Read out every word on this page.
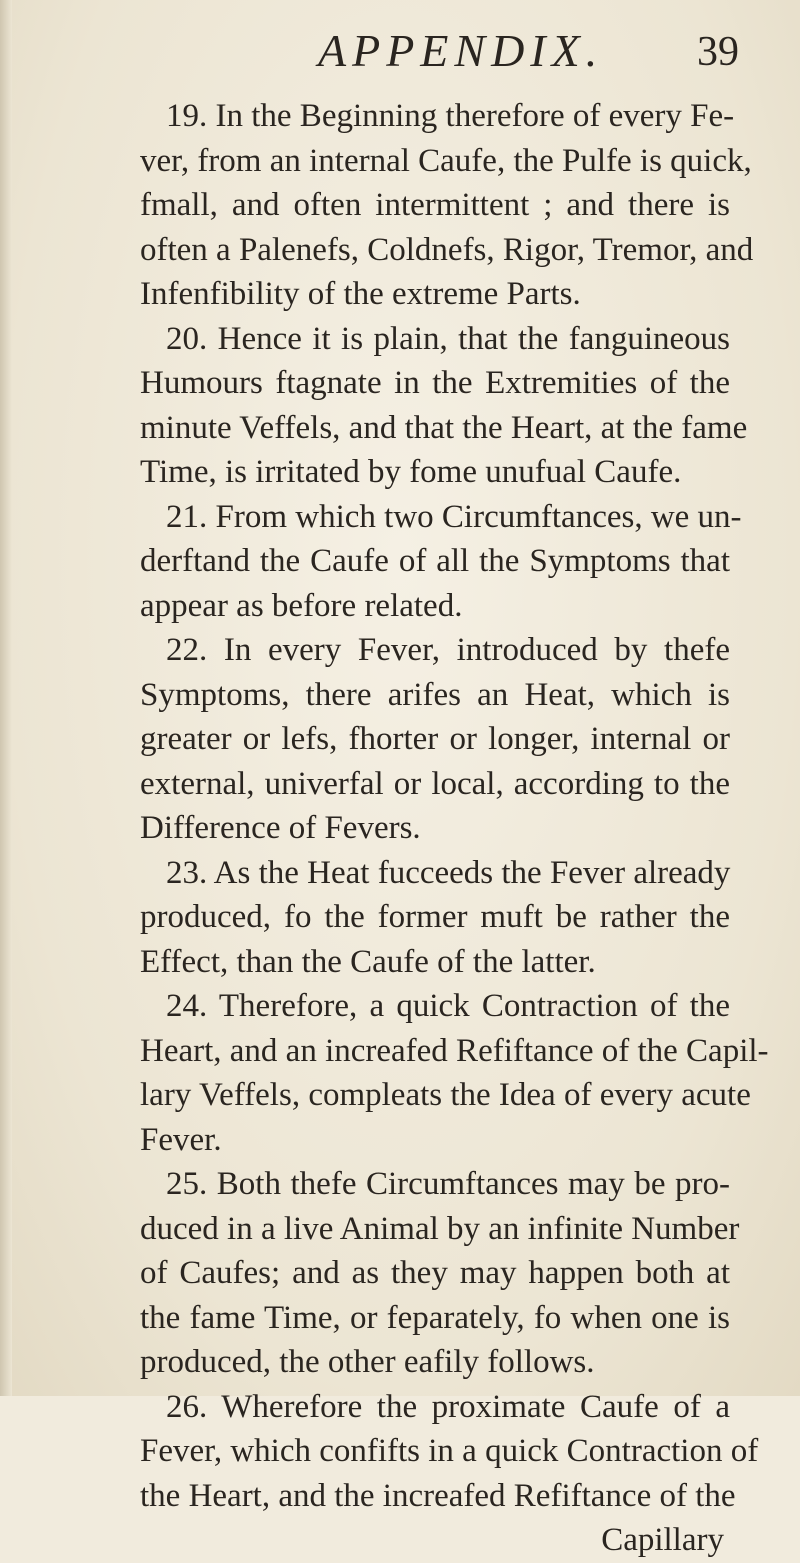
APPENDIX. 39
19. In the Beginning therefore of every Fe-
ver, from an internal Caufe, the Pulfe is quick,
fmall, and often intermittent ; and there is
often a Palenefs, Coldnefs, Rigor, Tremor, and
Infenfibility of the extreme Parts.
20. Hence it is plain, that the fanguineous
Humours ftagnate in the Extremities of the
minute Veffels, and that the Heart, at the fame
Time, is irritated by fome unufual Caufe.
21. From which two Circumftances, we un-
derftand the Caufe of all the Symptoms that
appear as before related.
22. In every Fever, introduced by thefe
Symptoms, there arifes an Heat, which is
greater or lefs, fhorter or longer, internal or
external, univerfal or local, according to the
Difference of Fevers.
23. As the Heat fucceeds the Fever already
produced, fo the former muft be rather the
Effect, than the Caufe of the latter.
24. Therefore, a quick Contraction of the
Heart, and an increafed Refiftance of the Capil-
lary Veffels, compleats the Idea of every acute
Fever.
25. Both thefe Circumftances may be pro-
duced in a live Animal by an infinite Number
of Caufes; and as they may happen both at
the fame Time, or feparately, fo when one is
produced, the other eafily follows.
26. Wherefore the proximate Caufe of a
Fever, which confifts in a quick Contraction of
the Heart, and the increafed Refiftance of the
Capillary
